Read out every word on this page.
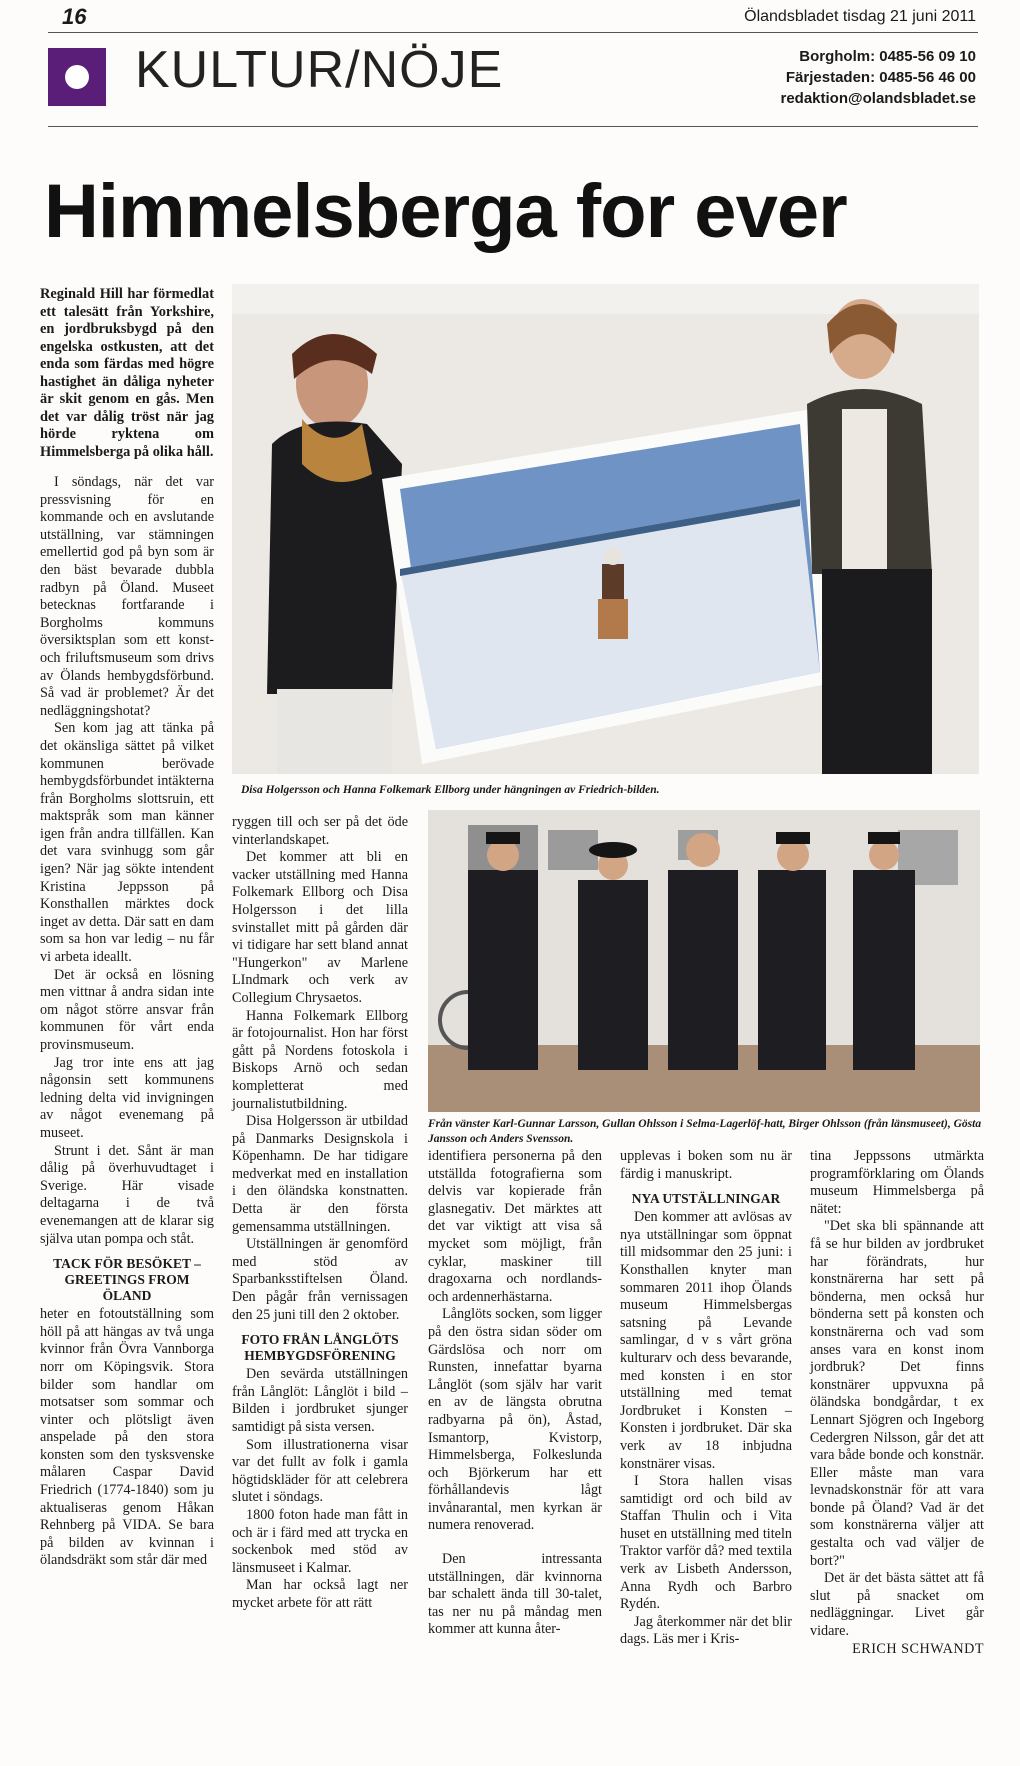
16	Ölandsbladet tisdag 21 juni 2011
KULTUR/NÖJE	Borgholm: 0485-56 09 10
Färjestaden: 0485-56 46 00
redaktion@olandsbladet.se
Himmelsberga for ever
Disa Holgersson och Hanna Folkemark Ellborg under hängningen av Friedrich-bilden.
Från vänster Karl-Gunnar Larsson, Gullan Ohlsson i Selma-Lagerlöf-hatt, Birger Ohlsson (från länsmuseet), Gösta Jansson och Anders Svensson.

Reginald Hill har förmedlat ett talesätt från Yorkshire, en jordbruksbygd på den engelska ostkusten, att det enda som färdas med högre hastighet än dåliga nyheter är skit genom en gås. Men det var dålig tröst när jag hörde ryktena om Himmelsberga på olika håll.

I söndags, när det var pressvisning för en kommande och en avslutande utställning, var stämningen emellertid god på byn som är den bäst bevarade dubbla radbyn på Öland. Museet betecknas fortfarande i Borgholms kommuns översiktsplan som ett konst- och friluftsmuseum som drivs av Ölands hembygdsförbund. Så vad är problemet? Är det nedläggningshotat?

Sen kom jag att tänka på det okänsliga sättet på vilket kommunen berövade hembygdsförbundet intäkterna från Borgholms slottsruin, ett maktspråk som man känner igen från andra tillfällen. Kan det vara svinhugg som går igen? När jag sökte intendent Kristina Jeppsson på Konsthallen märktes dock inget av detta. Där satt en dam som sa hon var ledig – nu får vi arbeta ideallt.

Det är också en lösning men vittnar å andra sidan inte om något större ansvar från kommunen för vårt enda provinsmuseum.

Jag tror inte ens att jag någonsin sett kommunens ledning delta vid invigningen av något evenemang på museet.

Strunt i det. Sånt är man dålig på överhuvudtaget i Sverige. Här visade deltagarna i de två evenemangen att de klarar sig själva utan pompa och ståt.

TACK FÖR BESÖKET – GREETINGS FROM ÖLAND

heter en fotoutställning som höll på att hängas av två unga kvinnor från Övra Vannborga norr om Köpingsvik. Stora bilder som handlar om motsatser som sommar och vinter och plötsligt även anspelade på den stora konsten som den tysksvenske målaren Caspar David Friedrich (1774-1840) som ju aktualiseras genom Håkan Rehnberg på VIDA. Se bara på bilden av kvinnan i ölandsdräkt som står där med

ryggen till och ser på det öde vinterlandskapet.

Det kommer att bli en vacker utställning med Hanna Folkemark Ellborg och Disa Holgersson i det lilla svinstallet mitt på gården där vi tidigare har sett bland annat "Hungerkon" av Marlene LIndmark och verk av Collegium Chrysaetos.

Hanna Folkemark Ellborg är fotojournalist. Hon har först gått på Nordens fotoskola i Biskops Arnö och sedan kompletterat med journalistutbildning.

Disa Holgersson är utbildad på Danmarks Designskola i Köpenhamn. De har tidigare medverkat med en installation i den öländska konstnatten. Detta är den första gemensamma utställningen.

Utställningen är genomförd med stöd av Sparbanksstiftelsen Öland. Den pågår från vernissagen den 25 juni till den 2 oktober.

FOTO FRÅN LÅNGLÖTS HEMBYGDSFÖRENING

Den sevärda utställningen från Långlöt: Långlöt i bild – Bilden i jordbruket sjunger samtidigt på sista versen.

Som illustrationerna visar var det fullt av folk i gamla högtidskläder för att celebrera slutet i söndags.

1800 foton hade man fått in och är i färd med att trycka en sockenbok med stöd av länsmuseet i Kalmar.

Man har också lagt ner mycket arbete för att rätt

identifiera personerna på den utställda fotografierna som delvis var kopierade från glasnegativ. Det märktes att det var viktigt att visa så mycket som möjligt, från cyklar, maskiner till dragoxarna och nordlands- och ardennerhästarna.

Långlöts socken, som ligger på den östra sidan söder om Gärdslösa och norr om Runsten, innefattar byarna Långlöt (som själv har varit en av de längsta obrutna radbyarna på ön), Åstad, Ismantorp, Kvistorp, Himmelsberga, Folkeslunda och Björkerum har ett förhållandevis lågt invånarantal, men kyrkan är numera renoverad.

Den intressanta utställningen, där kvinnorna bar schalett ända till 30-talet, tas ner nu på måndag men kommer att kunna åter-

upplevas i boken som nu är färdig i manuskript.

NYA UTSTÄLLNINGAR

Den kommer att avlösas av nya utställningar som öppnat till midsommar den 25 juni: i Konsthallen knyter man sommaren 2011 ihop Ölands museum Himmelsbergas satsning på Levande samlingar, d v s vårt gröna kulturarv och dess bevarande, med konsten i en stor utställning med temat Jordbruket i Konsten – Konsten i jordbruket. Där ska verk av 18 inbjudna konstnärer visas.

I Stora hallen visas samtidigt ord och bild av Staffan Thulin och i Vita huset en utställning med titeln Traktor varför då? med textila verk av Lisbeth Andersson, Anna Rydh och Barbro Rydén.

Jag återkommer när det blir dags. Läs mer i Kris-

tina Jeppssons utmärkta programförklaring om Ölands museum Himmelsberga på nätet:

"Det ska bli spännande att få se hur bilden av jordbruket har förändrats, hur konstnärerna har sett på bönderna, men också hur bönderna sett på konsten och konstnärerna och vad som anses vara en konst inom jordbruk? Det finns konstnärer uppvuxna på öländska bondgårdar, t ex Lennart Sjögren och Ingeborg Cedergren Nilsson, går det att vara både bonde och konstnär. Eller måste man vara levnadskonstnär för att vara bonde på Öland? Vad är det som konstnärerna väljer att gestalta och vad väljer de bort?"

Det är det bästa sättet att få slut på snacket om nedläggningar. Livet går vidare.

ERICH SCHWANDT
